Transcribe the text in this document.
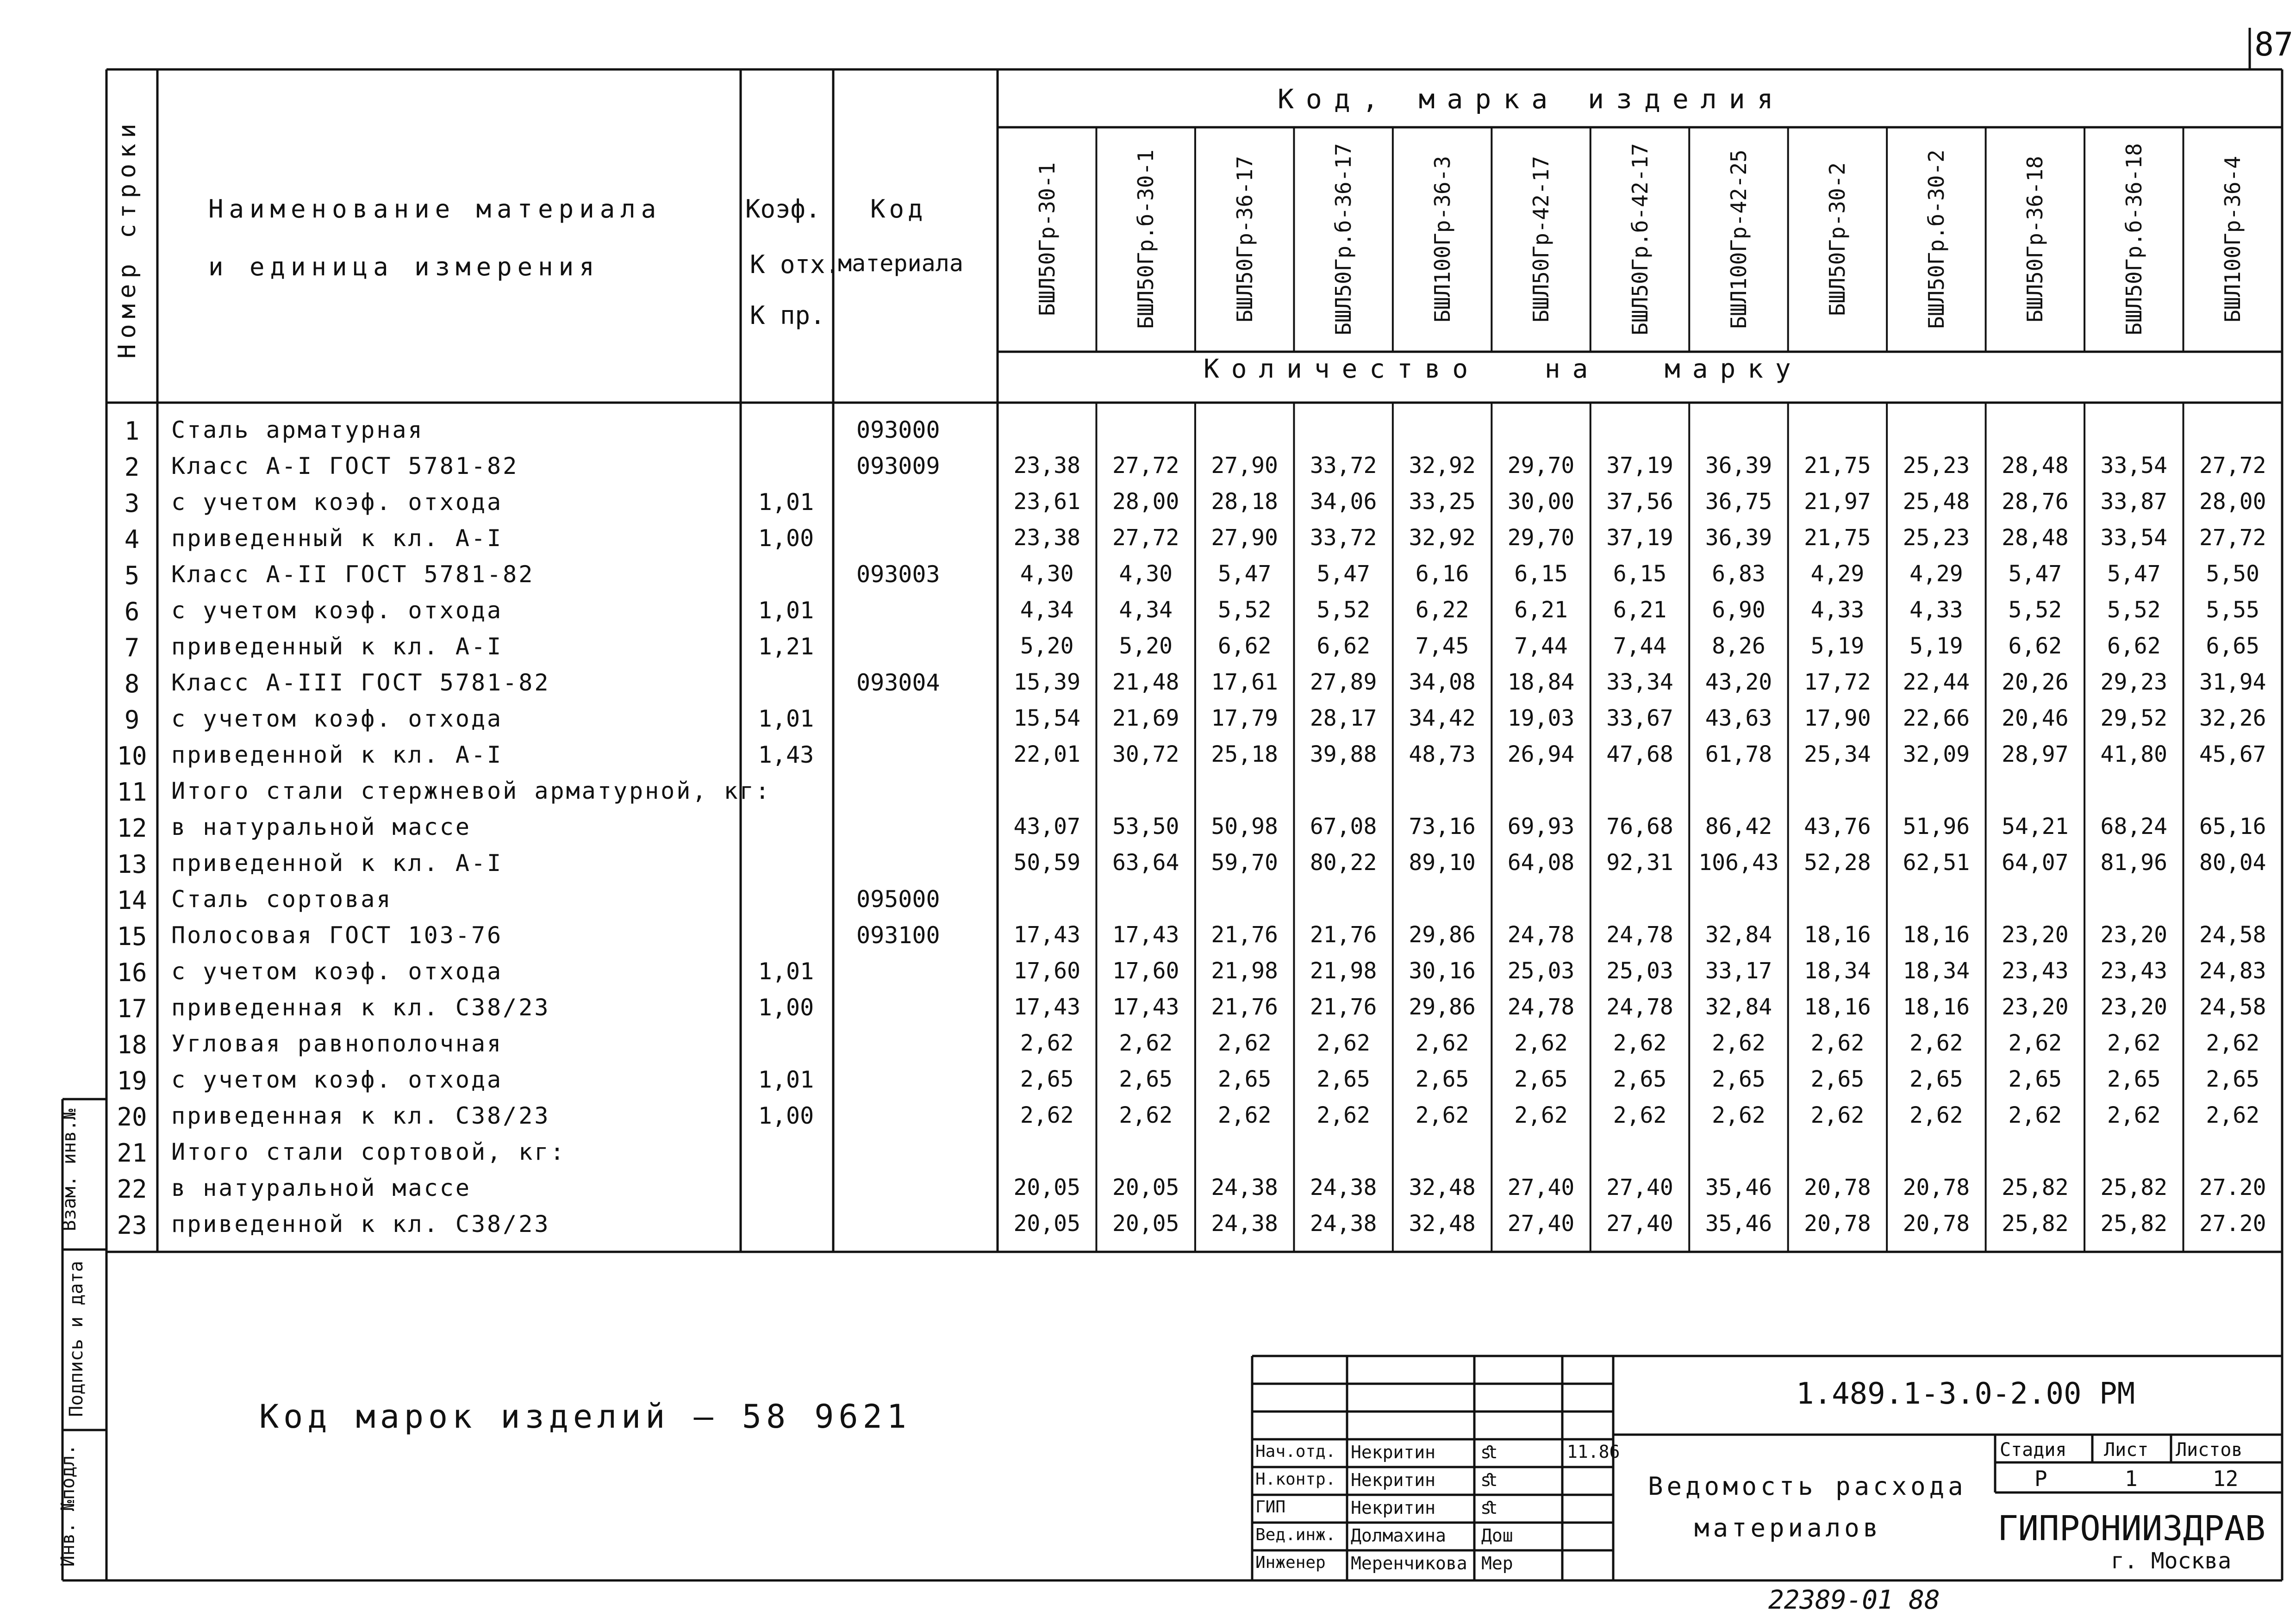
87
Номер строки	Наименование материала
и единица измерения
Коэф.
К отх.
К пр.
Код
материала
Код, марка изделия
Количество на марку
БШЛ50Гр-30-1	БШЛ50Гр.б-30-1	БШЛ50Гр-36-17	БШЛ50Гр.б-36-17	БШЛ100Гр-36-3	БШЛ50Гр-42-17	БШЛ50Гр.б-42-17	БШЛ100Гр-42-25	БШЛ50Гр-30-2	БШЛ50Гр.б-30-2	БШЛ50Гр-36-18	БШЛ50Гр.б-36-18	БШЛ100Гр-36-4
1	Сталь арматурная	093000
2	Класс А-I ГОСТ 5781-82	093009	23,38	27,72	27,90	33,72	32,92	29,70	37,19	36,39	21,75	25,23	28,48	33,54	27,72
3	с учетом коэф. отхода	1,01	23,61	28,00	28,18	34,06	33,25	30,00	37,56	36,75	21,97	25,48	28,76	33,87	28,00
4	приведенный к кл. А-I	1,00	23,38	27,72	27,90	33,72	32,92	29,70	37,19	36,39	21,75	25,23	28,48	33,54	27,72
5	Класс А-II ГОСТ 5781-82	093003	4,30	4,30	5,47	5,47	6,16	6,15	6,15	6,83	4,29	4,29	5,47	5,47	5,50
6	с учетом коэф. отхода	1,01	4,34	4,34	5,52	5,52	6,22	6,21	6,21	6,90	4,33	4,33	5,52	5,52	5,55
7	приведенный к кл. А-I	1,21	5,20	5,20	6,62	6,62	7,45	7,44	7,44	8,26	5,19	5,19	6,62	6,62	6,65
8	Класс А-III ГОСТ 5781-82	093004	15,39	21,48	17,61	27,89	34,08	18,84	33,34	43,20	17,72	22,44	20,26	29,23	31,94
9	с учетом коэф. отхода	1,01	15,54	21,69	17,79	28,17	34,42	19,03	33,67	43,63	17,90	22,66	20,46	29,52	32,26
10	приведенной к кл. А-I	1,43	22,01	30,72	25,18	39,88	48,73	26,94	47,68	61,78	25,34	32,09	28,97	41,80	45,67
11	Итого стали стержневой арматурной, кг:
12	в натуральной массе	43,07	53,50	50,98	67,08	73,16	69,93	76,68	86,42	43,76	51,96	54,21	68,24	65,16
13	приведенной к кл. А-I	50,59	63,64	59,70	80,22	89,10	64,08	92,31	106,43	52,28	62,51	64,07	81,96	80,04
14	Сталь сортовая	095000
15	Полосовая ГОСТ 103-76	093100	17,43	17,43	21,76	21,76	29,86	24,78	24,78	32,84	18,16	18,16	23,20	23,20	24,58
16	с учетом коэф. отхода	1,01	17,60	17,60	21,98	21,98	30,16	25,03	25,03	33,17	18,34	18,34	23,43	23,43	24,83
17	приведенная к кл. С38/23	1,00	17,43	17,43	21,76	21,76	29,86	24,78	24,78	32,84	18,16	18,16	23,20	23,20	24,58
18	Угловая равнополочная	2,62	2,62	2,62	2,62	2,62	2,62	2,62	2,62	2,62	2,62	2,62	2,62	2,62
19	с учетом коэф. отхода	1,01	2,65	2,65	2,65	2,65	2,65	2,65	2,65	2,65	2,65	2,65	2,65	2,65	2,65
20	приведенная к кл. С38/23	1,00	2,62	2,62	2,62	2,62	2,62	2,62	2,62	2,62	2,62	2,62	2,62	2,62	2,62
21	Итого стали сортовой, кг:
22	в натуральной массе	20,05	20,05	24,38	24,38	32,48	27,40	27,40	35,46	20,78	20,78	25,82	25,82	27.20
23	приведенной к кл. С38/23	20,05	20,05	24,38	24,38	32,48	27,40	27,40	35,46	20,78	20,78	25,82	25,82	27.20
Код марок изделий — 58 9621
Взам. инв.№
Подпись и дата
Инв. №подл.
1.489.1-3.0-2.00 РМ
Ведомость расхода
материалов
Стадия Лист Листов
Р	1	12
ГИПРОНИИЗДРАВ
г. Москва
11.86
Нач.отд. Некритин	ﬆ
Н.контр. Некритин	ﬆ
ГИП	Некритин	ﬆ
Вед.инж. Долмахина Дош
Инженер Меренчикова Мер
22389-01 88
